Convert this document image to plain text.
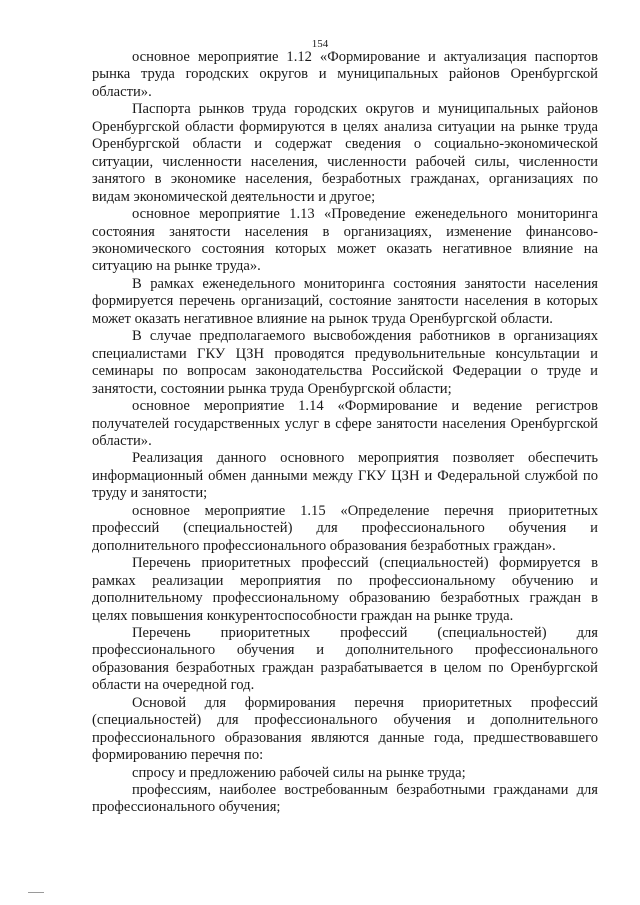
154

основное мероприятие 1.12 «Формирование и актуализация паспортов рынка труда городских округов и муниципальных районов Оренбургской области».

Паспорта рынков труда городских округов и муниципальных районов Оренбургской области формируются в целях анализа ситуации на рынке труда Оренбургской области и содержат сведения о социально-экономической ситуации, численности населения, численности рабочей силы, численности занятого в экономике населения, безработных гражданах, организациях по видам экономической деятельности и другое;

основное мероприятие 1.13 «Проведение еженедельного мониторинга состояния занятости населения в организациях, изменение финансово-экономического состояния которых может оказать негативное влияние на ситуацию на рынке труда».

В рамках еженедельного мониторинга состояния занятости населения формируется перечень организаций, состояние занятости населения в которых может оказать негативное влияние на рынок труда Оренбургской области.

В случае предполагаемого высвобождения работников в организациях специалистами ГКУ ЦЗН проводятся предувольнительные консультации и семинары по вопросам законодательства Российской Федерации о труде и занятости, состоянии рынка труда Оренбургской области;

основное мероприятие 1.14 «Формирование и ведение регистров получателей государственных услуг в сфере занятости населения Оренбургской области».

Реализация данного основного мероприятия позволяет обеспечить информационный обмен данными между ГКУ ЦЗН и Федеральной службой по труду и занятости;

основное мероприятие 1.15 «Определение перечня приоритетных профессий (специальностей) для профессионального обучения и дополнительного профессионального образования безработных граждан».

Перечень приоритетных профессий (специальностей) формируется в рамках реализации мероприятия по профессиональному обучению и дополнительному профессиональному образованию безработных граждан в целях повышения конкурентоспособности граждан на рынке труда.

Перечень приоритетных профессий (специальностей) для профессионального обучения и дополнительного профессионального образования безработных граждан разрабатывается в целом по Оренбургской области на очередной год.

Основой для формирования перечня приоритетных профессий (специальностей) для профессионального обучения и дополнительного профессионального образования являются данные года, предшествовавшего формированию перечня по:

спросу и предложению рабочей силы на рынке труда;

профессиям, наиболее востребованным безработными гражданами для профессионального обучения;
